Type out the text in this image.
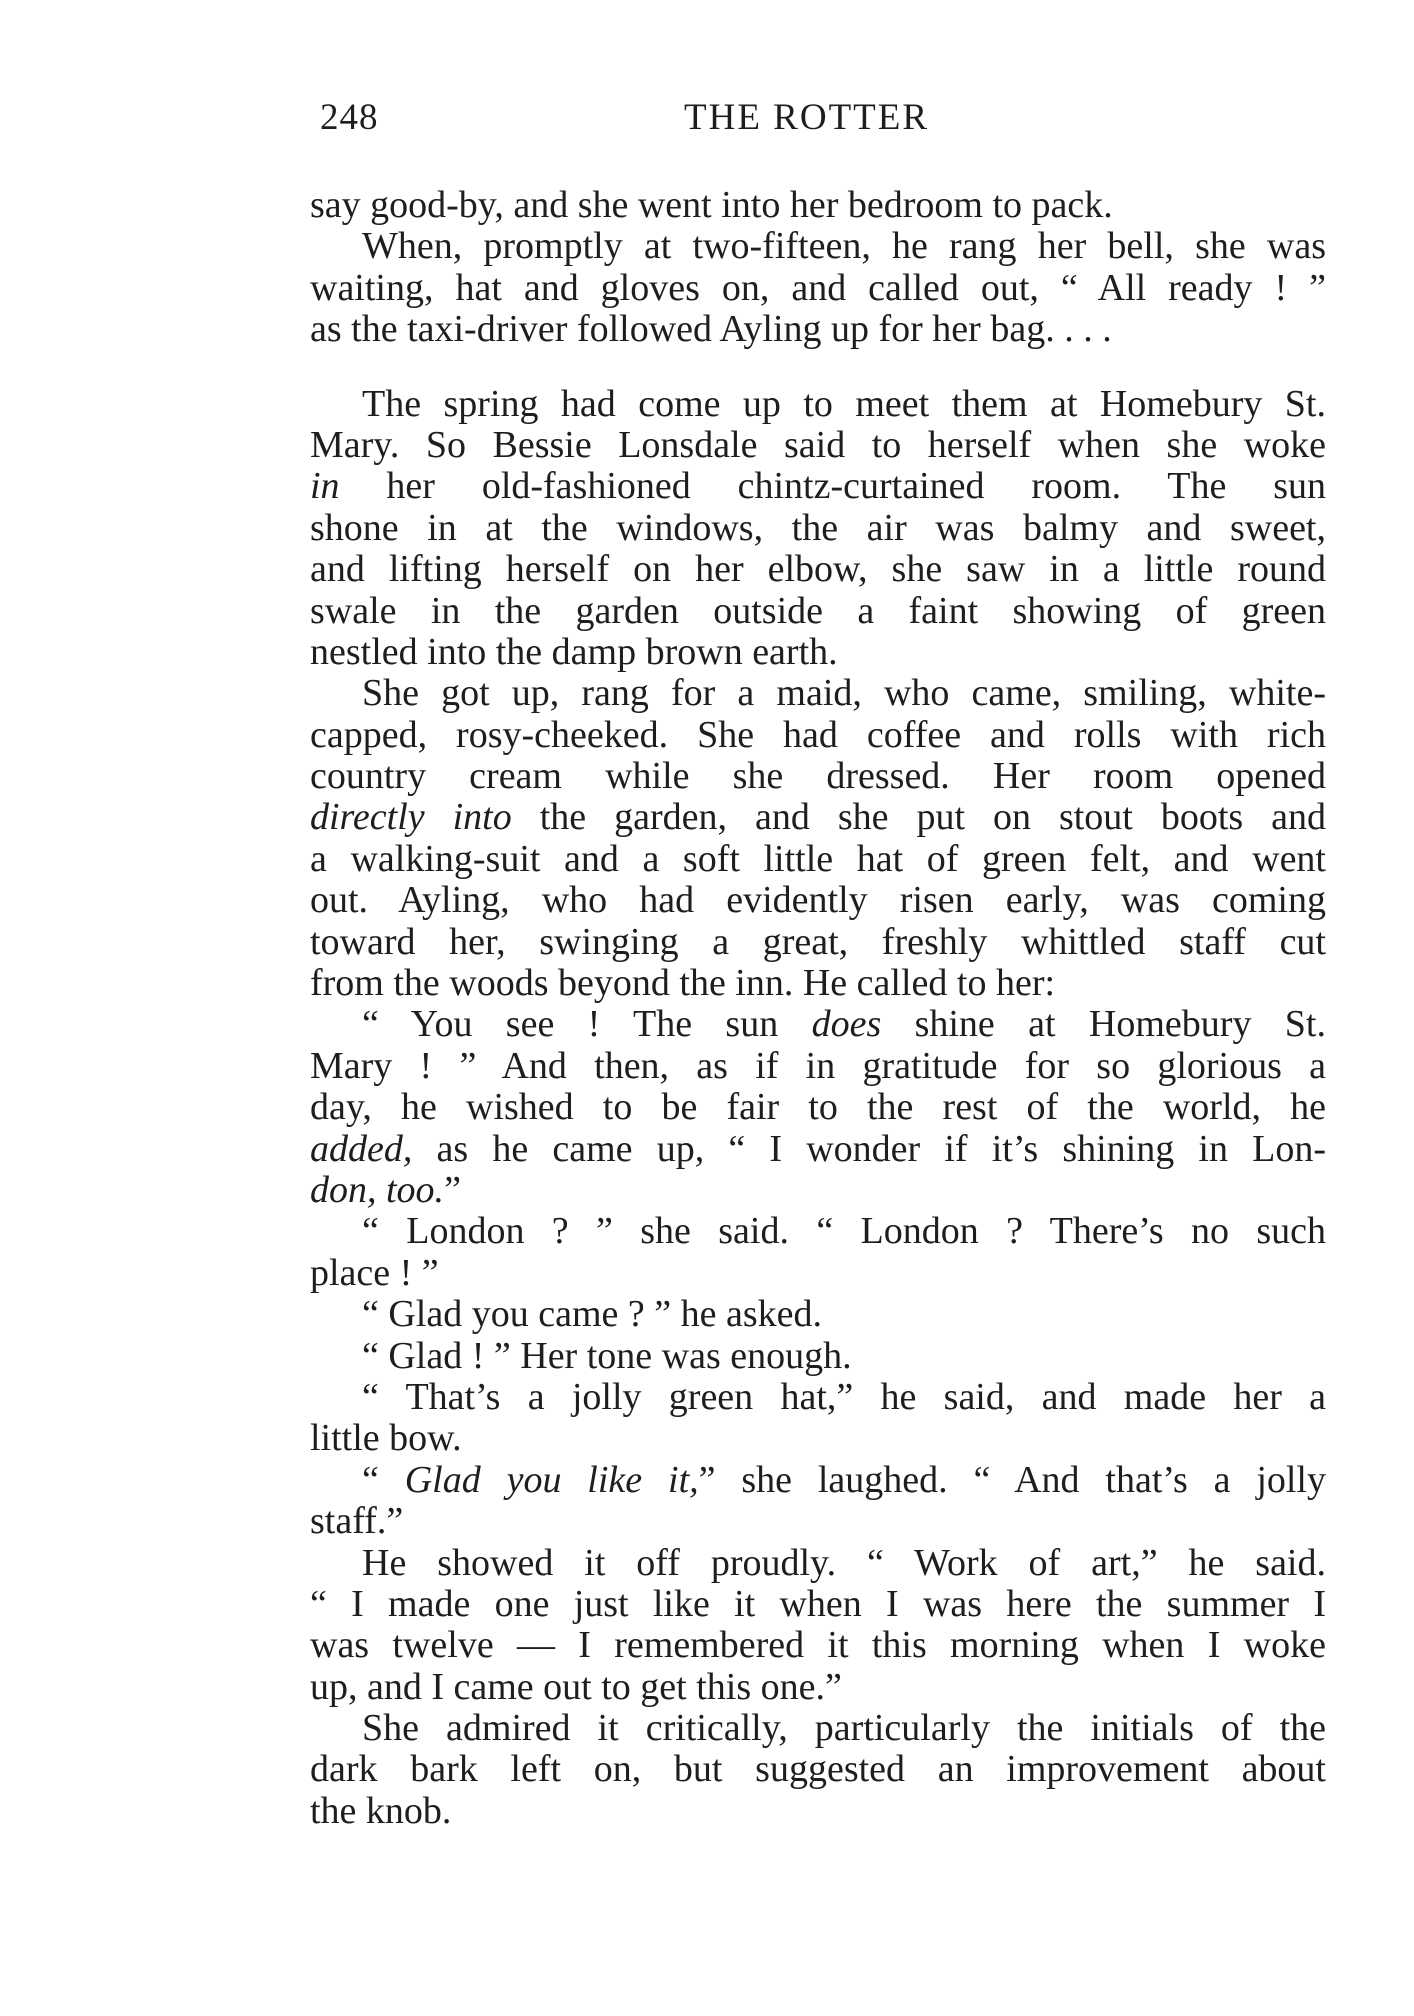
248	THE ROTTER
say good-by, and she went into her bedroom to pack.
When, promptly at two-fifteen, he rang her bell, she was
waiting, hat and gloves on, and called out, “ All ready ! ”
as the taxi-driver followed Ayling up for her bag. . . .
The spring had come up to meet them at Homebury St.
Mary. So Bessie Lonsdale said to herself when she woke
in her old-fashioned chintz-curtained room. The sun
shone in at the windows, the air was balmy and sweet,
and lifting herself on her elbow, she saw in a little round
swale in the garden outside a faint showing of green
nestled into the damp brown earth.
She got up, rang for a maid, who came, smiling, white-
capped, rosy-cheeked. She had coffee and rolls with rich
country cream while she dressed. Her room opened
directly into the garden, and she put on stout boots and
a walking-suit and a soft little hat of green felt, and went
out. Ayling, who had evidently risen early, was coming
toward her, swinging a great, freshly whittled staff cut
from the woods beyond the inn. He called to her:
“ You see ! The sun does shine at Homebury St.
Mary ! ” And then, as if in gratitude for so glorious a
day, he wished to be fair to the rest of the world, he
added, as he came up, “ I wonder if it’s shining in Lon-
don, too.”
“ London ? ” she said. “ London ? There’s no such
place ! ”
“ Glad you came ? ” he asked.
“ Glad ! ” Her tone was enough.
“ That’s a jolly green hat,” he said, and made her a
little bow.
“ Glad you like it,” she laughed. “ And that’s a jolly
staff.”
He showed it off proudly. “ Work of art,” he said.
“ I made one just like it when I was here the summer I
was twelve — I remembered it this morning when I woke
up, and I came out to get this one.”
She admired it critically, particularly the initials of the
dark bark left on, but suggested an improvement about
the knob.
